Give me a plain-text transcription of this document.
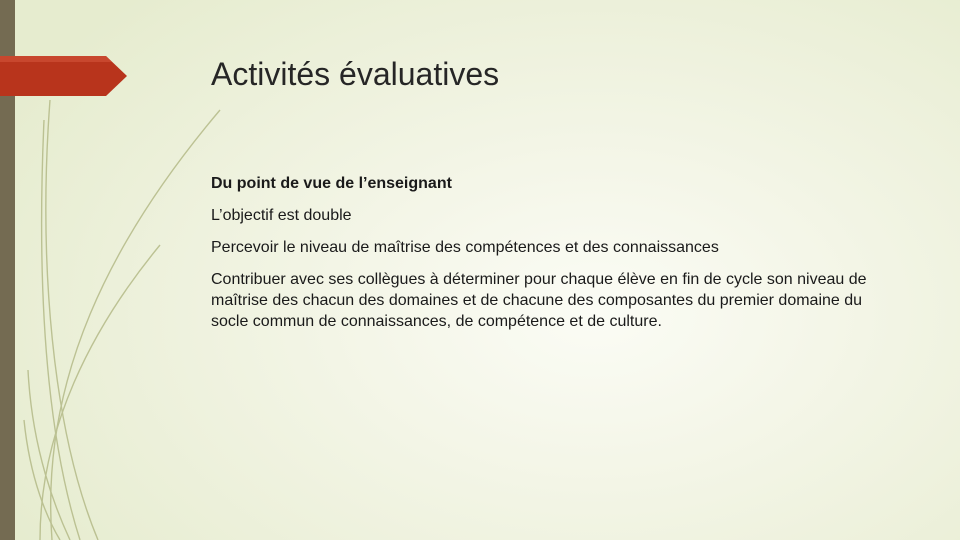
Activités évaluatives

Du point de vue de l’enseignant

L’objectif est double

Percevoir le niveau de maîtrise des compétences et des connaissances

Contribuer avec ses collègues à déterminer pour chaque élève en fin de cycle son niveau de maîtrise des chacun des domaines et de chacune des composantes du premier domaine du socle commun de connaissances, de compétence et de culture.
